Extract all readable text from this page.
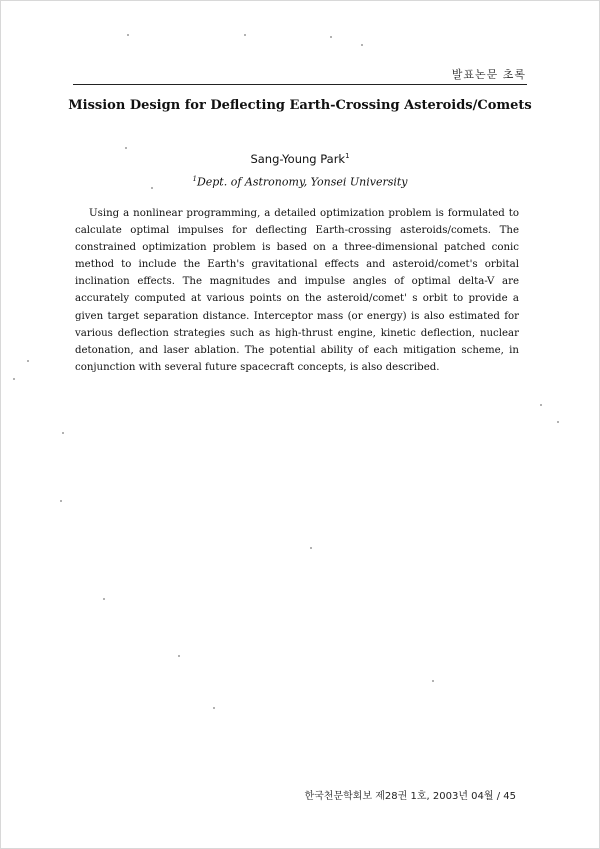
발표논문 초록
Mission Design for Deflecting Earth-Crossing Asteroids/Comets
Sang-Young Park$^1$
$^1$Dept. of Astronomy, Yonsei University
Using a nonlinear programming, a detailed optimization problem is formulated to calculate optimal impulses for deflecting Earth-crossing asteroids/comets. The constrained optimization problem is based on a three-dimensional patched conic method to include the Earth's gravitational effects and asteroid/comet's orbital inclination effects. The magnitudes and impulse angles of optimal delta-V are accurately computed at various points on the asteroid/comet' s orbit to provide a given target separation distance. Interceptor mass (or energy) is also estimated for various deflection strategies such as high-thrust engine, kinetic deflection, nuclear detonation, and laser ablation. The potential ability of each mitigation scheme, in conjunction with several future spacecraft concepts, is also described.
한국천문학회보 제28권 1호, 2003년 04월 / 45
